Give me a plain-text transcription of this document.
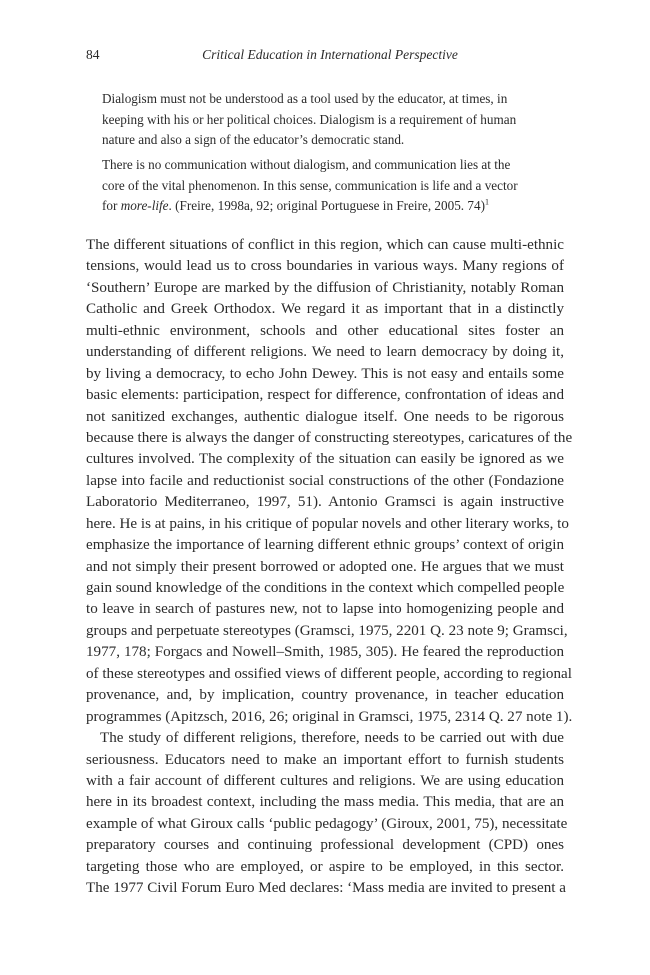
84	Critical Education in International Perspective
Dialogism must not be understood as a tool used by the educator, at times, in
keeping with his or her political choices. Dialogism is a requirement of human
nature and also a sign of the educator’s democratic stand.
There is no communication without dialogism, and communication lies at the
core of the vital phenomenon. In this sense, communication is life and a vector
for more-life. (Freire, 1998a, 92; original Portuguese in Freire, 2005. 74)$^1$
The different situations of conflict in this region, which can cause multi-ethnic
tensions, would lead us to cross boundaries in various ways. Many regions of
‘Southern’ Europe are marked by the diffusion of Christianity, notably Roman
Catholic and Greek Orthodox. We regard it as important that in a distinctly
multi-ethnic environment, schools and other educational sites foster an
understanding of different religions. We need to learn democracy by doing it,
by living a democracy, to echo John Dewey. This is not easy and entails some
basic elements: participation, respect for difference, confrontation of ideas and
not sanitized exchanges, authentic dialogue itself. One needs to be rigorous
because there is always the danger of constructing stereotypes, caricatures of the
cultures involved. The complexity of the situation can easily be ignored as we
lapse into facile and reductionist social constructions of the other (Fondazione
Laboratorio Mediterraneo, 1997, 51). Antonio Gramsci is again instructive
here. He is at pains, in his critique of popular novels and other literary works, to
emphasize the importance of learning different ethnic groups’ context of origin
and not simply their present borrowed or adopted one. He argues that we must
gain sound knowledge of the conditions in the context which compelled people
to leave in search of pastures new, not to lapse into homogenizing people and
groups and perpetuate stereotypes (Gramsci, 1975, 2201 Q. 23 note 9; Gramsci,
1977, 178; Forgacs and Nowell–Smith, 1985, 305). He feared the reproduction
of these stereotypes and ossified views of different people, according to regional
provenance, and, by implication, country provenance, in teacher education
programmes (Apitzsch, 2016, 26; original in Gramsci, 1975, 2314 Q. 27 note 1).
The study of different religions, therefore, needs to be carried out with due
seriousness. Educators need to make an important effort to furnish students
with a fair account of different cultures and religions. We are using education
here in its broadest context, including the mass media. This media, that are an
example of what Giroux calls ‘public pedagogy’ (Giroux, 2001, 75), necessitate
preparatory courses and continuing professional development (CPD) ones
targeting those who are employed, or aspire to be employed, in this sector.
The 1977 Civil Forum Euro Med declares: ‘Mass media are invited to present a
